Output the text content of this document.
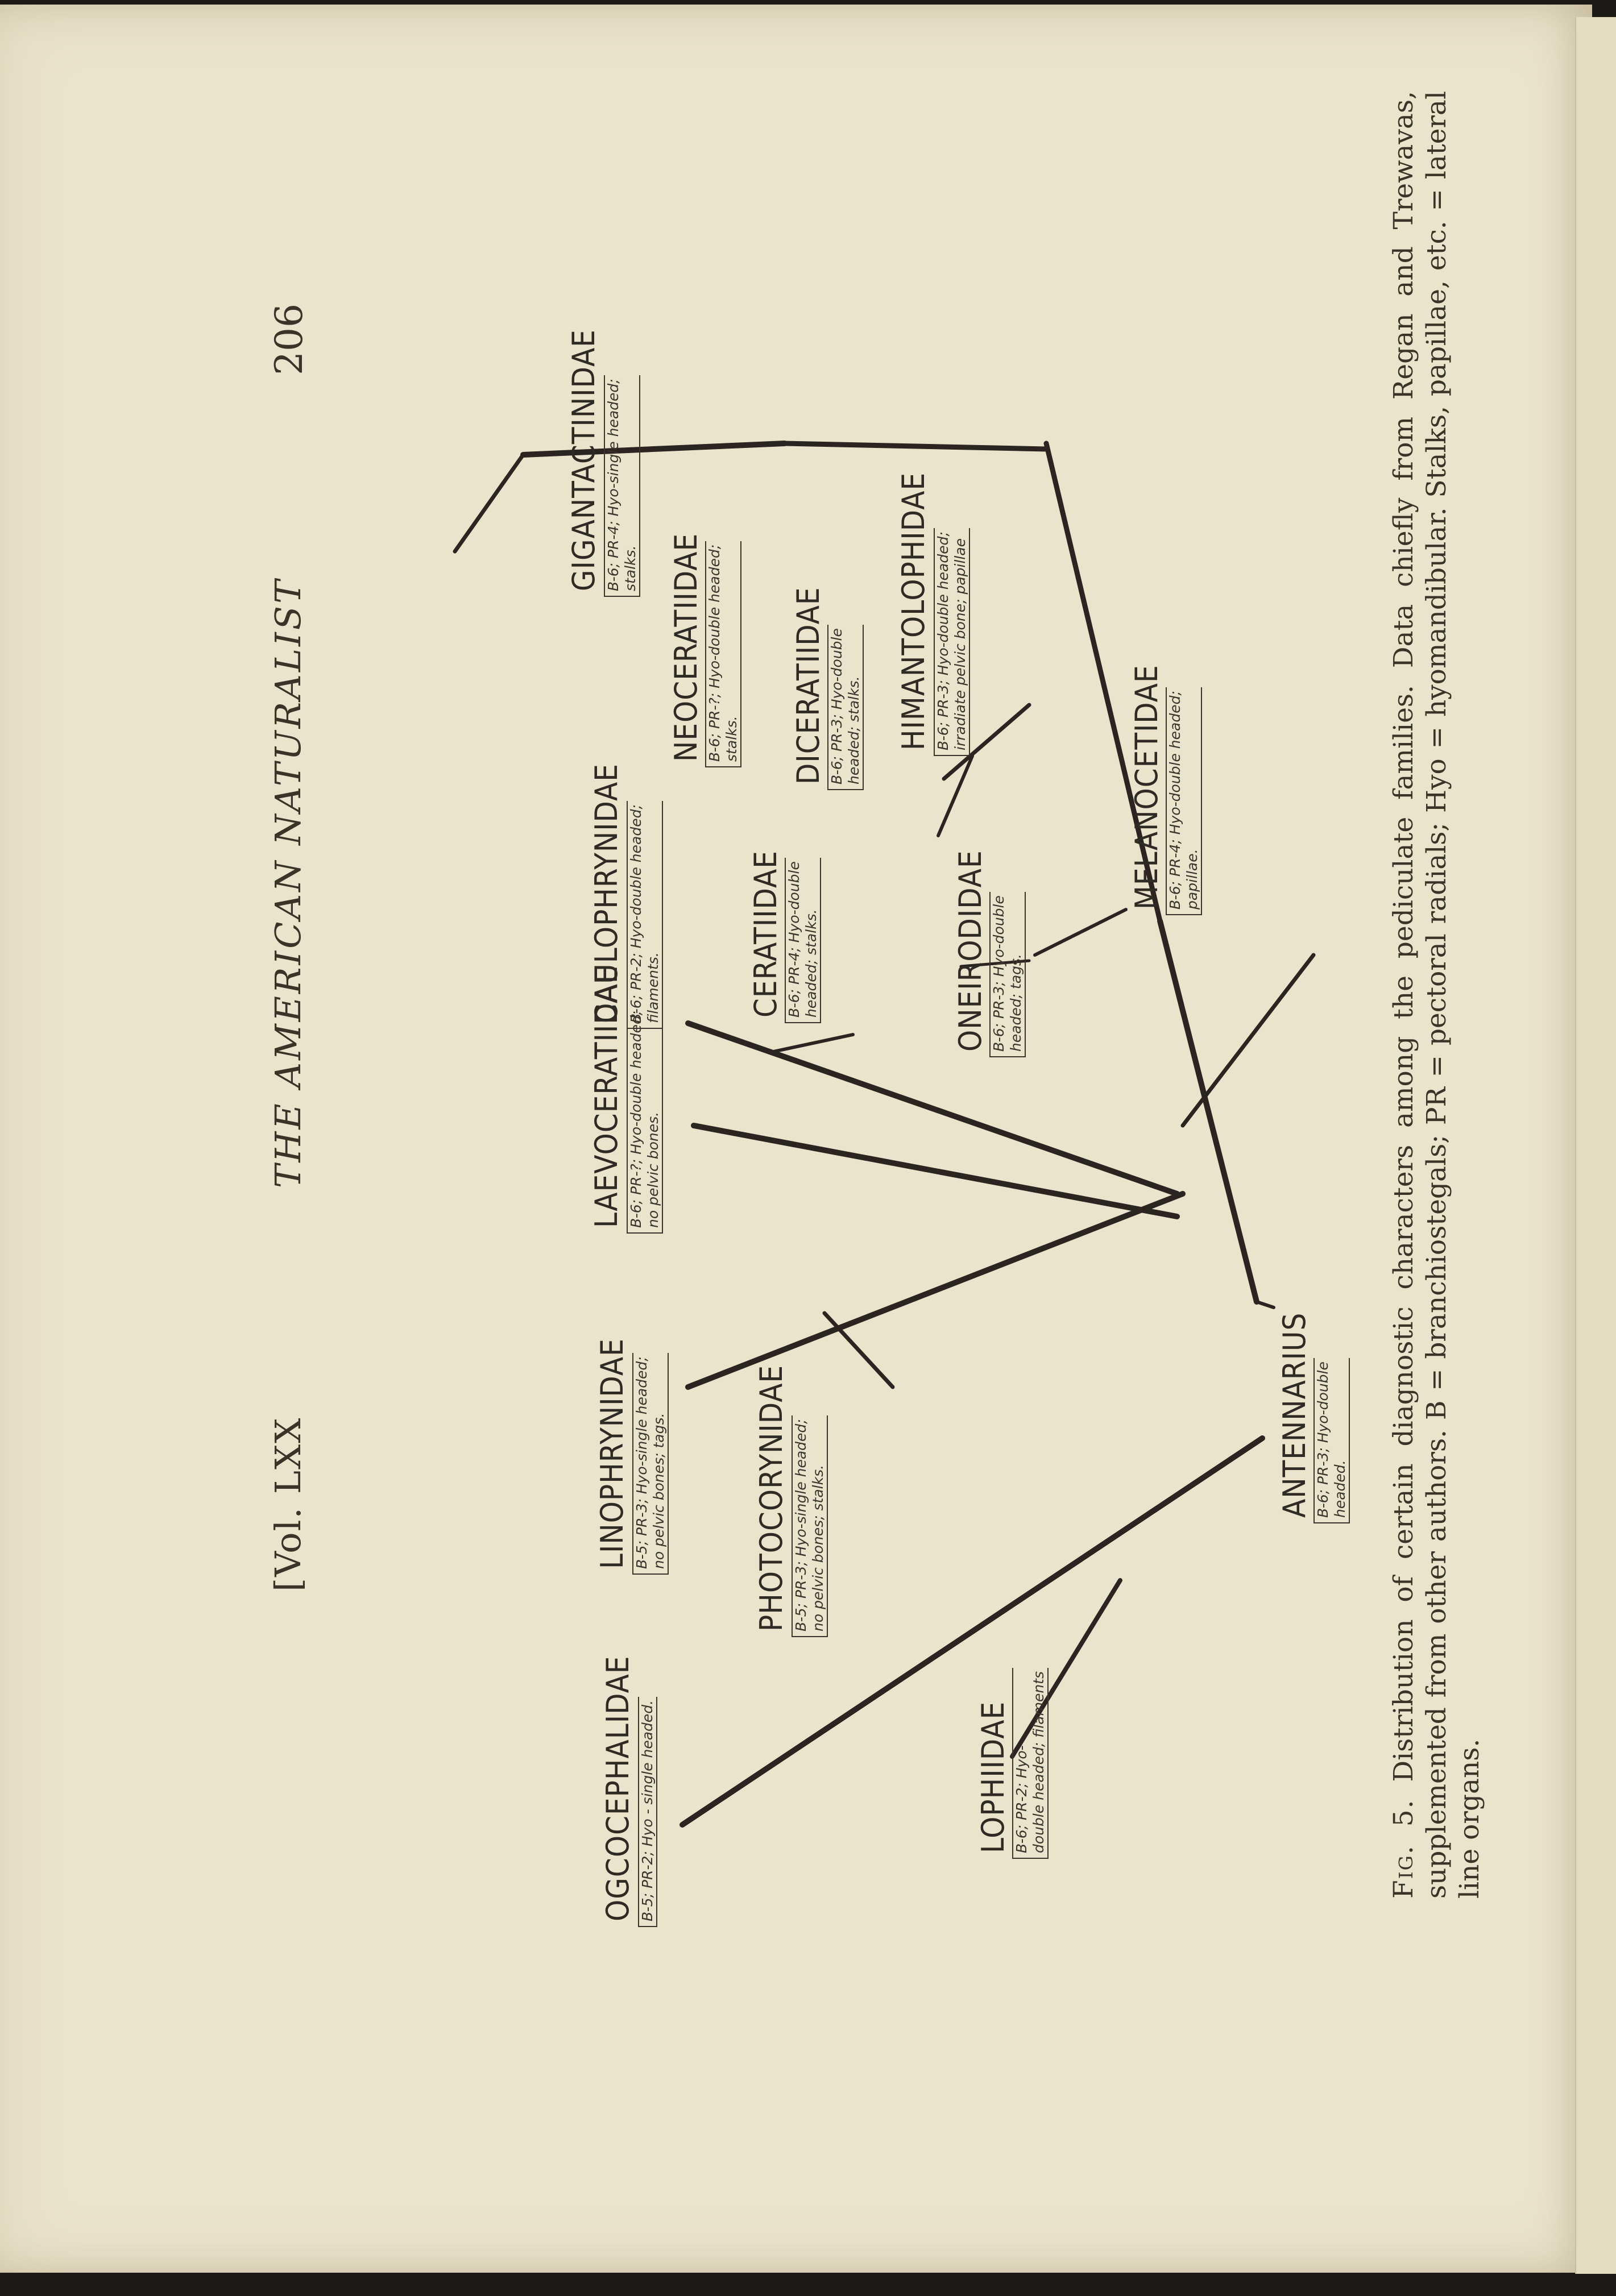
206
THE AMERICAN NATURALIST
[Vol. LXX
GIGANTACTINIDAE B-6; PR-4; Hyo-single headed;
stalks. NEOCERATIIDAE B-6; PR-?; Hyo-double headed;
stalks. DICERATIIDAE B-6; PR-3; Hyo-double
headed; stalks. HIMANTOLOPHIDAE B-6; PR-3; Hyo-double headed;
irradiate pelvic bone; papillae
CAULOPHRYNIDAE B-6; PR-2; Hyo-double headed;
filaments.	CERATIIDAE B-6; PR-4; Hyo-double
headed; stalks.	ONEIRODIDAE B-6; PR-3; Hyo-double
headed; tags.
MELANOCETIDAE B-6; PR-4; Hyo-double headed;
papillae.
LAEVOCERATIIDAE B-6; PR-?; Hyo-double headed;
no pelvic bones.
ANTENNARIUS B-6; PR-3; Hyo-double
headed.
LINOPHRYNIDAE B-5; PR-3; Hyo-single headed;
no pelvic bones; tags.	PHOTOCORYNIDAE B-5; PR-3; Hyo-single headed;
no pelvic bones; stalks.
OGCOCEPHALIDAE B-5; PR-2; Hyo - single headed.	LOPHIIDAE B-6; PR-2; Hyo-
double headed; filaments	Fig. 5. Distribution of certain diagnostic characters among the pediculate families. Data chiefly from Regan and Trewavas, supplemented from other authors. B = branchiostegals; PR = pectoral radials; Hyo = hyomandibular. Stalks, papillae, etc. = lateral line organs.
